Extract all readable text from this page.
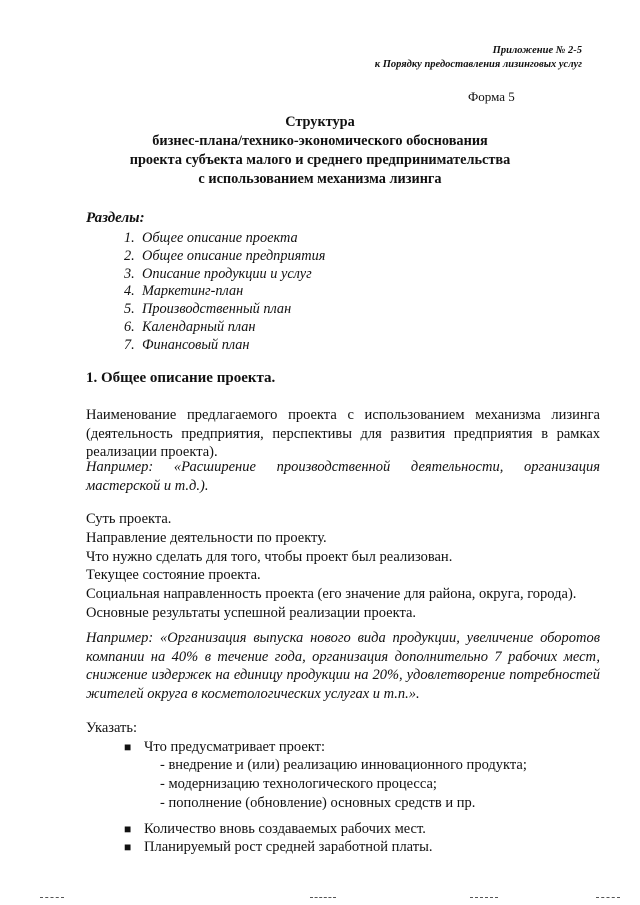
Приложение № 2-5
к Порядку предоставления лизинговых услуг
Форма 5
Структура
бизнес-плана/технико-экономического обоснования
проекта субъекта малого и среднего предпринимательства
с использованием механизма лизинга
Разделы:
1. Общее описание проекта
2. Общее описание предприятия
3. Описание продукции и услуг
4. Маркетинг-план
5. Производственный план
6. Календарный план
7. Финансовый план
1. Общее описание проекта.
Наименование предлагаемого проекта с использованием механизма лизинга (деятельность предприятия, перспективы для развития предприятия в рамках реализации проекта).
Например: «Расширение производственной деятельности, организация мастерской и т.д.).
Суть проекта.
Направление деятельности по проекту.
Что нужно сделать для того, чтобы проект был реализован.
Текущее состояние проекта.
Социальная направленность проекта (его значение для района, округа, города).
Основные результаты успешной реализации проекта.
Например: «Организация выпуска нового вида продукции, увеличение оборотов компании на 40% в течение года, организация дополнительно 7 рабочих мест, снижение издержек на единицу продукции на 20%, удовлетворение потребностей жителей округа в косметологических услугах и т.п.».
Указать:
■ Что предусматривает проект:
- внедрение и (или) реализацию инновационного продукта;
- модернизацию технологического процесса;
- пополнение (обновление) основных средств и пр.
■ Количество вновь создаваемых рабочих мест.
■ Планируемый рост средней заработной платы.
